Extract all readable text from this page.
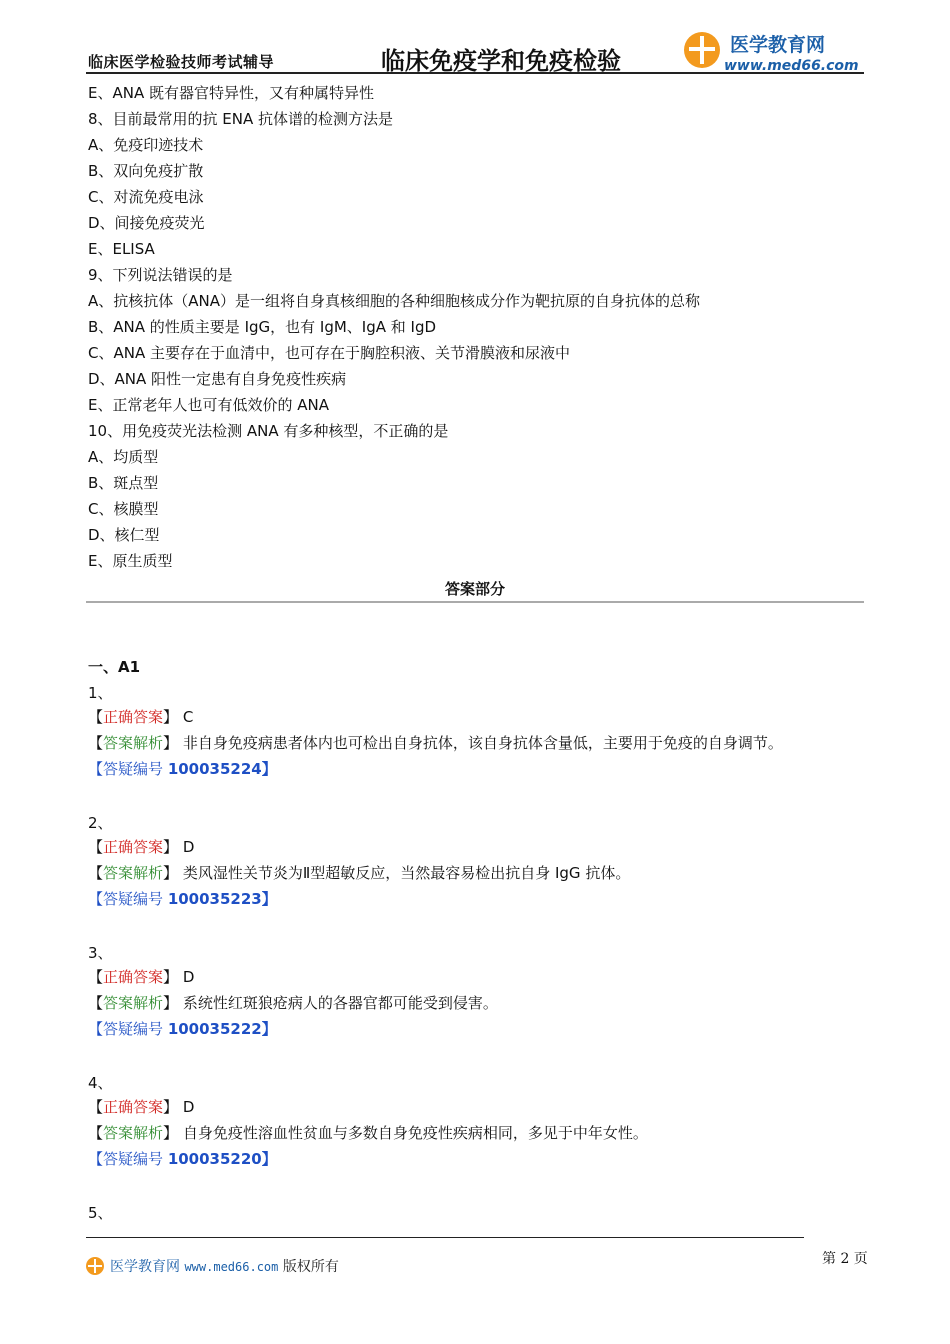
临床医学检验技师考试辅导	临床免疫学和免疫检验
医学教育网
www.med66.com
E、ANA 既有器官特异性，又有种属特异性
8、目前最常用的抗 ENA 抗体谱的检测方法是
A、免疫印迹技术
B、双向免疫扩散
C、对流免疫电泳
D、间接免疫荧光
E、ELISA
9、下列说法错误的是
A、抗核抗体（ANA）是一组将自身真核细胞的各种细胞核成分作为靶抗原的自身抗体的总称
B、ANA 的性质主要是 IgG，也有 IgM、IgA 和 IgD
C、ANA 主要存在于血清中，也可存在于胸腔积液、关节滑膜液和尿液中
D、ANA 阳性一定患有自身免疫性疾病
E、正常老年人也可有低效价的 ANA
10、用免疫荧光法检测 ANA 有多种核型，不正确的是
A、均质型
B、斑点型
C、核膜型
D、核仁型
E、原生质型
答案部分
一、A1
1、
【正确答案】 C
【答案解析】 非自身免疫病患者体内也可检出自身抗体，该自身抗体含量低，主要用于免疫的自身调节。
【答疑编号 100035224】
2、
【正确答案】 D
【答案解析】 类风湿性关节炎为Ⅱ型超敏反应，当然最容易检出抗自身 IgG 抗体。
【答疑编号 100035223】
3、
【正确答案】 D
【答案解析】 系统性红斑狼疮病人的各器官都可能受到侵害。
【答疑编号 100035222】
4、
【正确答案】 D
【答案解析】 自身免疫性溶血性贫血与多数自身免疫性疾病相同，多见于中年女性。
【答疑编号 100035220】
5、
第 2 页
医学教育网 www.med66.com 版权所有
